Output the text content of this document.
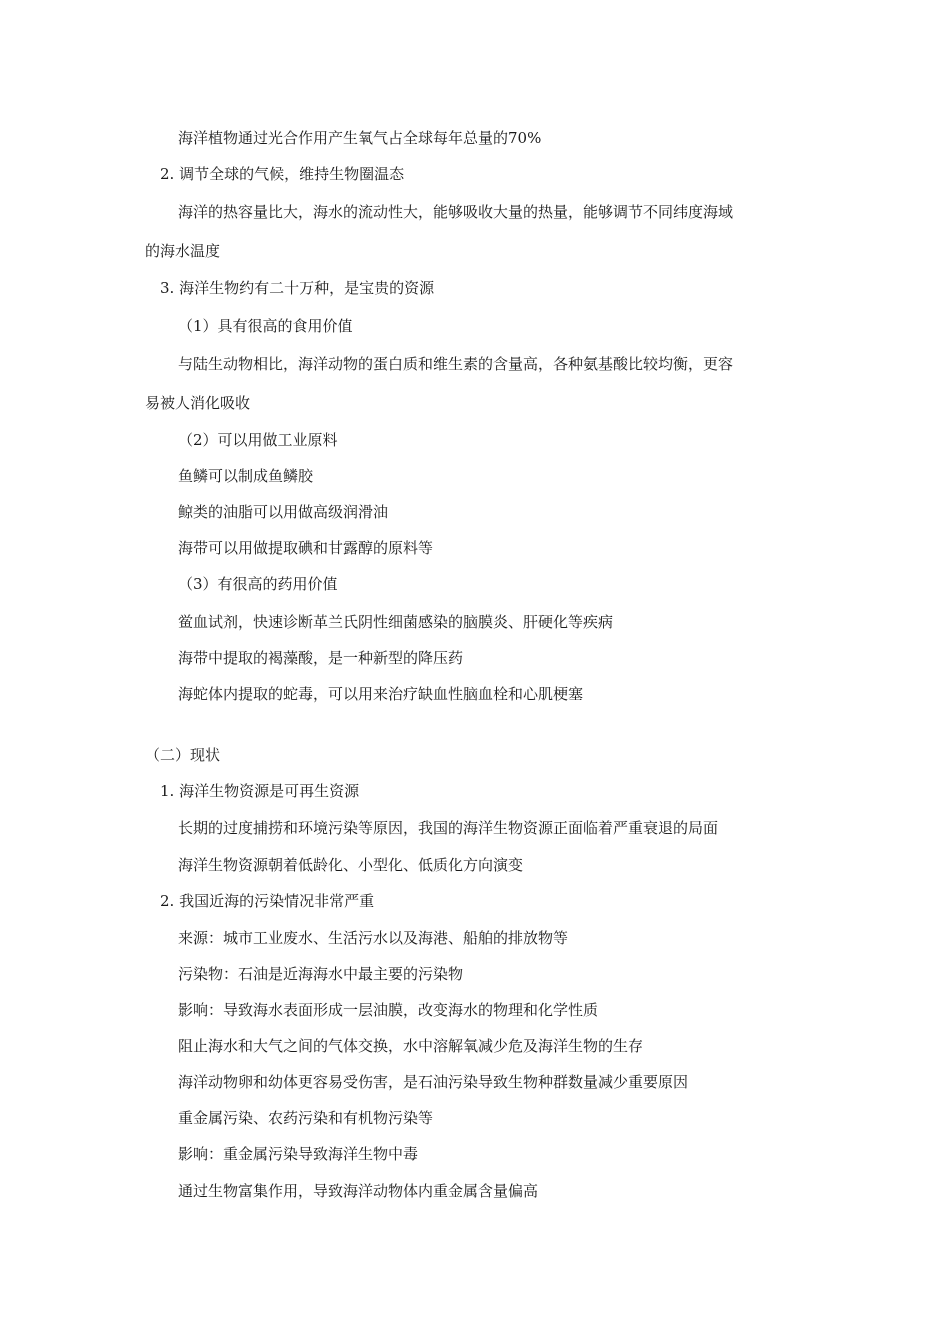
海洋植物通过光合作用产生氧气占全球每年总量的70%
2. 调节全球的气候，维持生物圈温态
海洋的热容量比大，海水的流动性大，能够吸收大量的热量，能够调节不同纬度海域
的海水温度
3. 海洋生物约有二十万种，是宝贵的资源
（1）具有很高的食用价值
与陆生动物相比，海洋动物的蛋白质和维生素的含量高，各种氨基酸比较均衡，更容
易被人消化吸收
（2）可以用做工业原料
鱼鳞可以制成鱼鳞胶
鲸类的油脂可以用做高级润滑油
海带可以用做提取碘和甘露醇的原料等
（3）有很高的药用价值
鲎血试剂，快速诊断革兰氏阴性细菌感染的脑膜炎、肝硬化等疾病
海带中提取的褐藻酸，是一种新型的降压药
海蛇体内提取的蛇毒，可以用来治疗缺血性脑血栓和心肌梗塞
（二）现状
1. 海洋生物资源是可再生资源
长期的过度捕捞和环境污染等原因，我国的海洋生物资源正面临着严重衰退的局面
海洋生物资源朝着低龄化、小型化、低质化方向演变
2. 我国近海的污染情况非常严重
来源：城市工业废水、生活污水以及海港、船舶的排放物等
污染物：石油是近海海水中最主要的污染物
影响：导致海水表面形成一层油膜，改变海水的物理和化学性质
阻止海水和大气之间的气体交换，水中溶解氧减少危及海洋生物的生存
海洋动物卵和幼体更容易受伤害，是石油污染导致生物种群数量减少重要原因
重金属污染、农药污染和有机物污染等
影响：重金属污染导致海洋生物中毒
通过生物富集作用，导致海洋动物体内重金属含量偏高
